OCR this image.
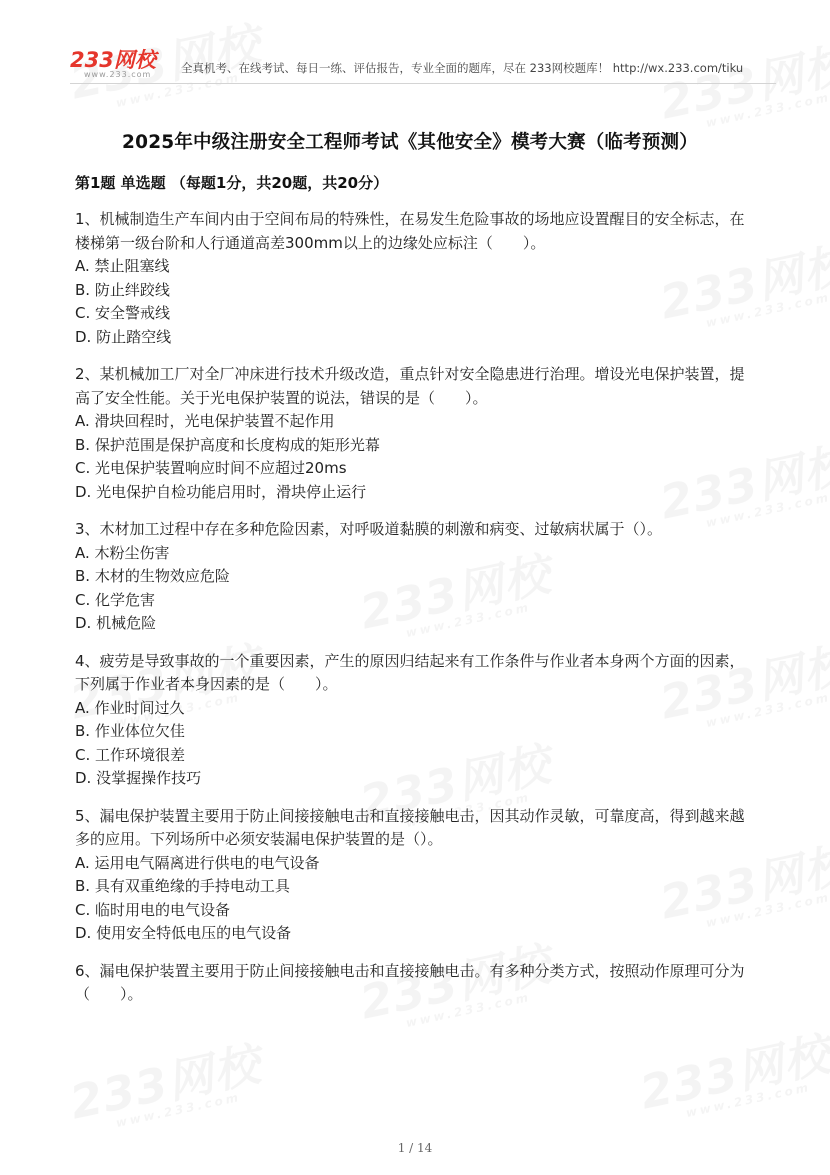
233网校
www.233.com	全真机考、在线考试、每日一练、评估报告，专业全面的题库，尽在 233网校题库！ http://wx.233.com/tiku
2025年中级注册安全工程师考试《其他安全》模考大赛（临考预测）
第1题 单选题 （每题1分，共20题，共20分）

1、机械制造生产车间内由于空间布局的特殊性，在易发生危险事故的场地应设置醒目的安全标志，在楼梯第一级台阶和人行通道高差300mm以上的边缘处应标注（　　）。

A. 禁止阻塞线

B. 防止绊跤线

C. 安全警戒线

D. 防止踏空线

2、某机械加工厂对全厂冲床进行技术升级改造，重点针对安全隐患进行治理。增设光电保护装置，提高了安全性能。关于光电保护装置的说法，错误的是（　　）。

A. 滑块回程时，光电保护装置不起作用

B. 保护范围是保护高度和长度构成的矩形光幕

C. 光电保护装置响应时间不应超过20ms

D. 光电保护自检功能启用时，滑块停止运行

3、木材加工过程中存在多种危险因素，对呼吸道黏膜的刺激和病变、过敏病状属于（）。

A. 木粉尘伤害

B. 木材的生物效应危险

C. 化学危害

D. 机械危险

4、疲劳是导致事故的一个重要因素，产生的原因归结起来有工作条件与作业者本身两个方面的因素，下列属于作业者本身因素的是（　　）。

A. 作业时间过久

B. 作业体位欠佳

C. 工作环境很差

D. 没掌握操作技巧

5、漏电保护装置主要用于防止间接接触电击和直接接触电击，因其动作灵敏，可靠度高，得到越来越多的应用。下列场所中必须安装漏电保护装置的是（）。

A. 运用电气隔离进行供电的电气设备

B. 具有双重绝缘的手持电动工具

C. 临时用电的电气设备

D. 使用安全特低电压的电气设备

6、漏电保护装置主要用于防止间接接触电击和直接接触电击。有多种分类方式，按照动作原理可分为（　　）。

1 / 14
